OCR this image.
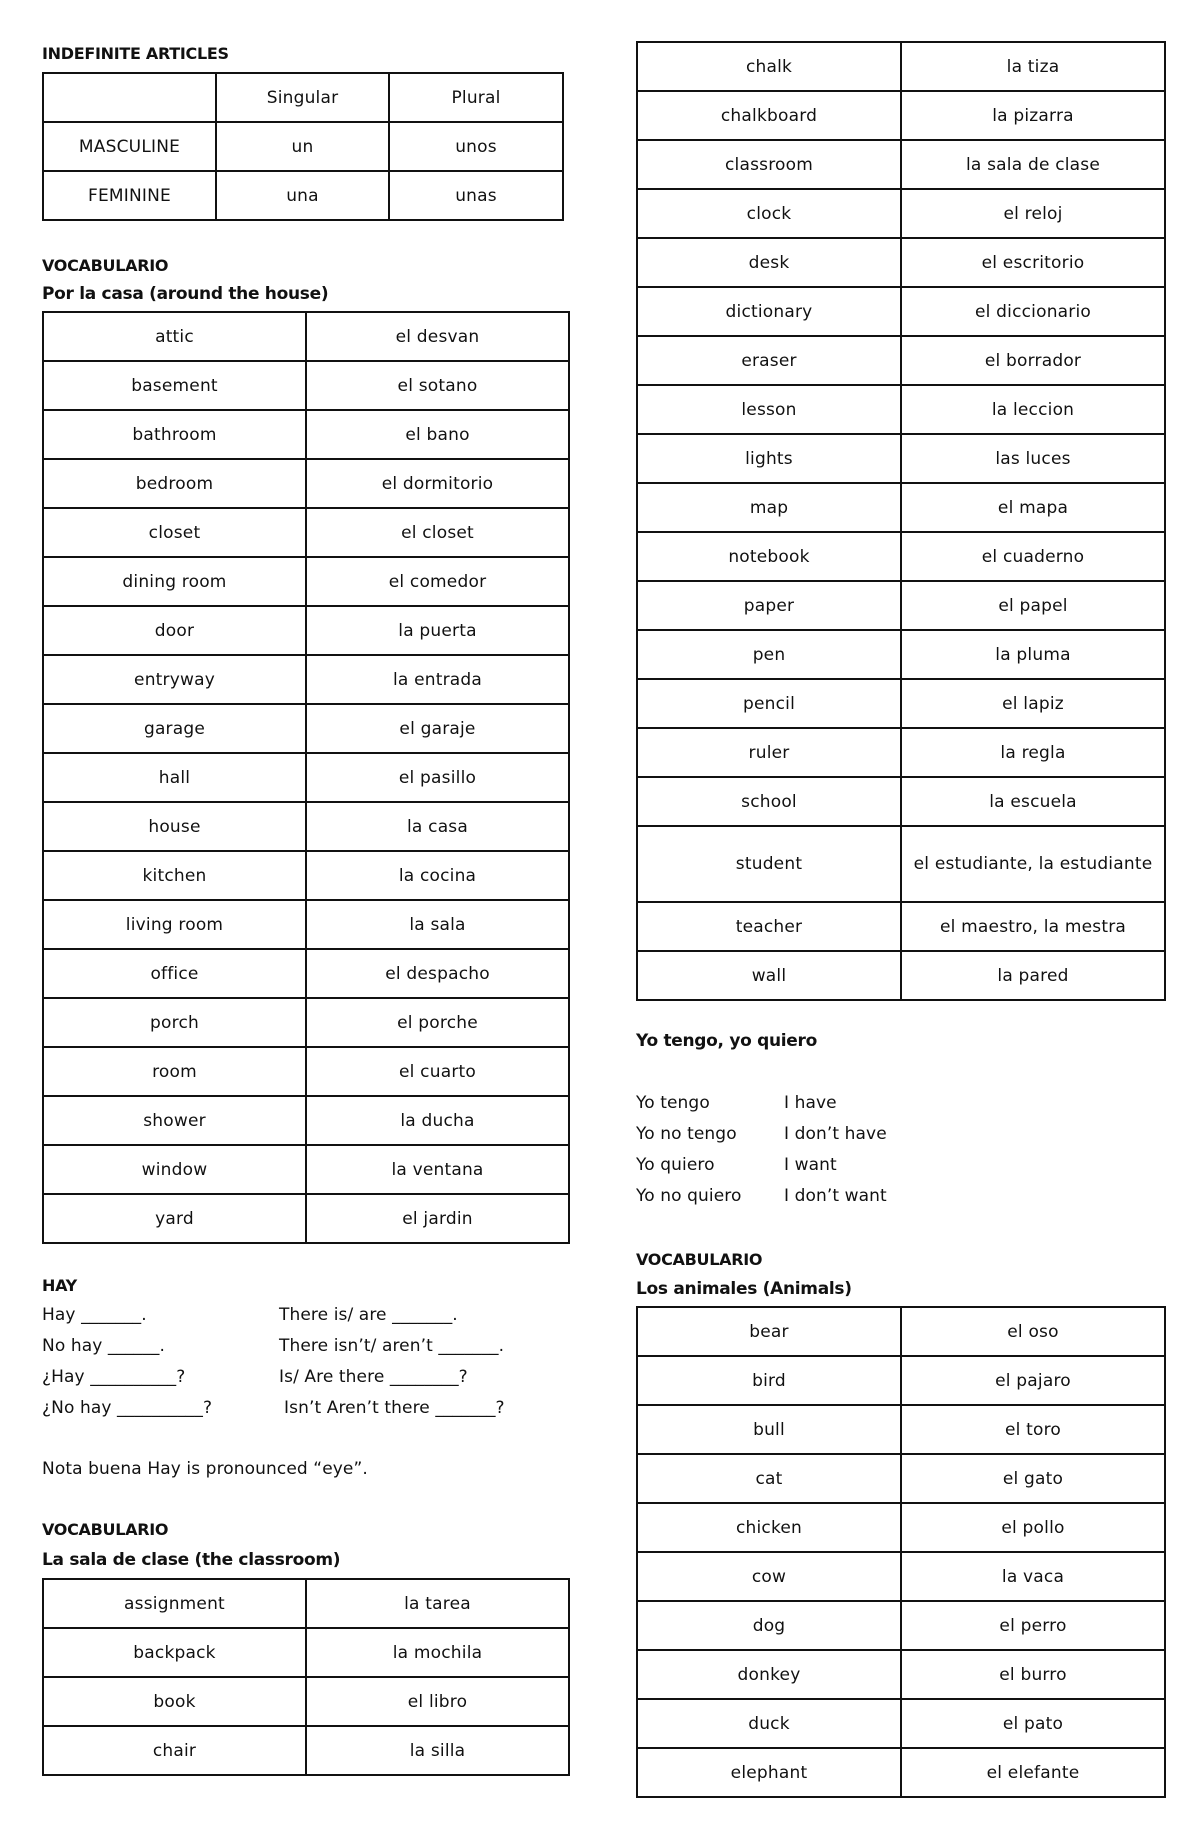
INDEFINITE ARTICLES
	Singular	Plural
MASCULINE	un	unos
FEMININE	una	unas
VOCABULARIO
Por la casa (around the house)
attic	el desvan
basement	el sotano
bathroom	el bano
bedroom	el dormitorio
closet	el closet
dining room	el comedor
door	la puerta
entryway	la entrada
garage	el garaje
hall	el pasillo
house	la casa
kitchen	la cocina
living room	la sala
office	el despacho
porch	el porche
room	el cuarto
shower	la ducha
window	la ventana
yard	el jardin
HAY
Hay _______.	There is/ are _______.
No hay ______.	There isn’t/ aren’t _______.
¿Hay __________?	Is/ Are there ________?
¿No hay __________?	Isn’t Aren’t there _______?
Nota buena Hay is pronounced “eye”.
VOCABULARIO
La sala de clase (the classroom)
assignment	la tarea
backpack	la mochila
book	el libro
chair	la silla
chalk	la tiza
chalkboard	la pizarra
classroom	la sala de clase
clock	el reloj
desk	el escritorio
dictionary	el diccionario
eraser	el borrador
lesson	la leccion
lights	las luces
map	el mapa
notebook	el cuaderno
paper	el papel
pen	la pluma
pencil	el lapiz
ruler	la regla
school	la escuela
student	el estudiante, la estudiante
teacher	el maestro, la mestra
wall	la pared
Yo tengo, yo quiero
Yo tengo	I have
Yo no tengo	I don’t have
Yo quiero	I want
Yo no quiero	I don’t want
VOCABULARIO
Los animales (Animals)
bear	el oso
bird	el pajaro
bull	el toro
cat	el gato
chicken	el pollo
cow	la vaca
dog	el perro
donkey	el burro
duck	el pato
elephant	el elefante
